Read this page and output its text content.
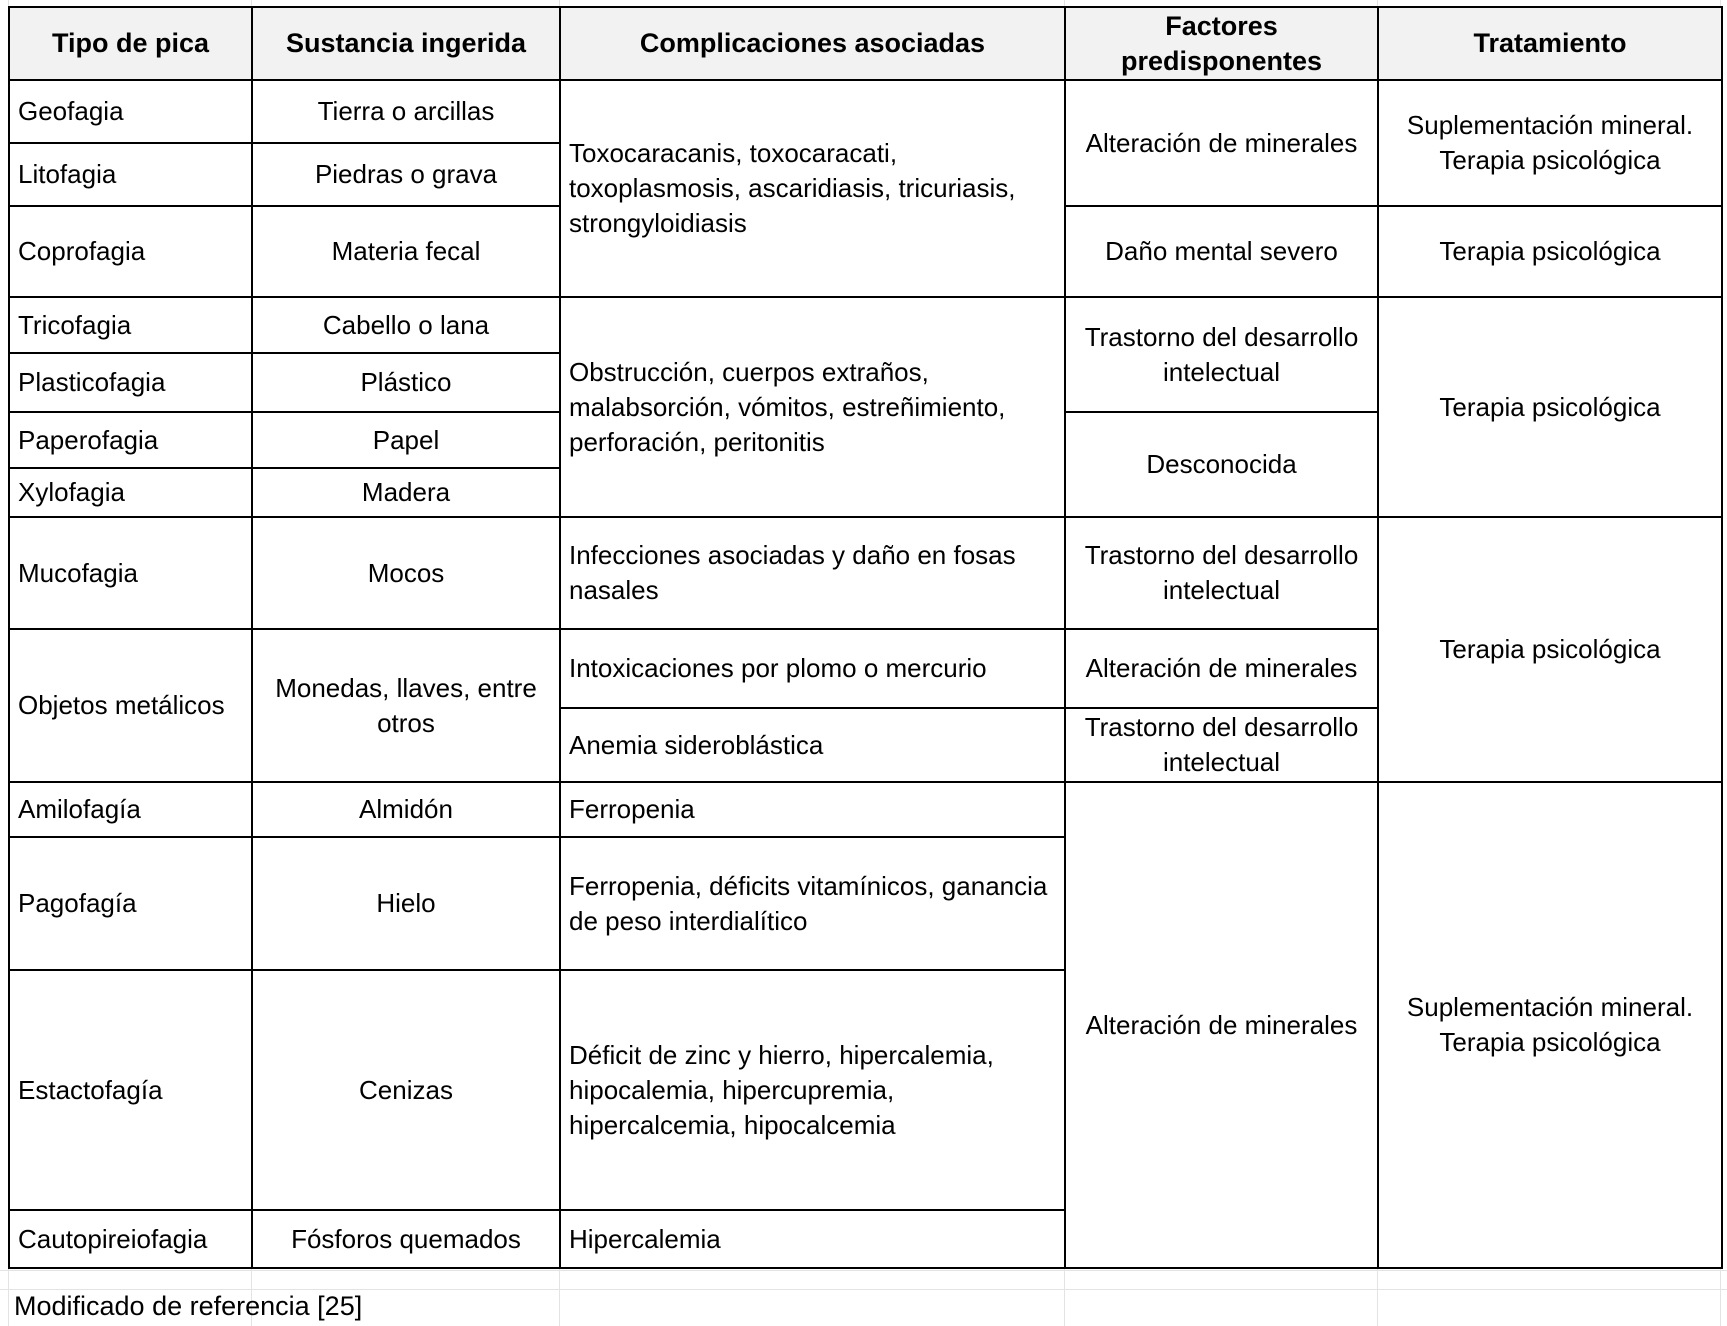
Tipo de pica	Sustancia ingerida	Complicaciones asociadas	Factores predisponentes	Tratamiento
Geofagia	Tierra o arcillas	Toxocaracanis, toxocaracati, toxoplasmosis, ascaridiasis, tricuriasis, strongyloidiasis	Alteración de minerales	Suplementación mineral. Terapia psicológica
Litofagia	Piedras o grava			
Coprofagia	Materia fecal		Daño mental severo	Terapia psicológica
Tricofagia	Cabello o lana	Obstrucción, cuerpos extraños, malabsorción, vómitos, estreñimiento, perforación, peritonitis	Trastorno del desarrollo intelectual	Terapia psicológica
Plasticofagia	Plástico			
Paperofagia	Papel		Desconocida	
Xylofagia	Madera			
Mucofagia	Mocos	Infecciones asociadas y daño en fosas nasales	Trastorno del desarrollo intelectual	Terapia psicológica
Objetos metálicos	Monedas, llaves, entre otros	Intoxicaciones por plomo o mercurio	Alteración de minerales	
		Anemia sideroblástica	Trastorno del desarrollo intelectual	
Amilofagía	Almidón	Ferropenia	Alteración de minerales	Suplementación mineral. Terapia psicológica
Pagofagía	Hielo	Ferropenia, déficits vitamínicos, ganancia de peso interdialítico		
Estactofagía	Cenizas	Déficit de zinc y hierro, hipercalemia, hipocalemia, hipercupremia, hipercalcemia, hipocalcemia		
Cautopireiofagia	Fósforos quemados	Hipercalemia		
Modificado de referencia [25]
